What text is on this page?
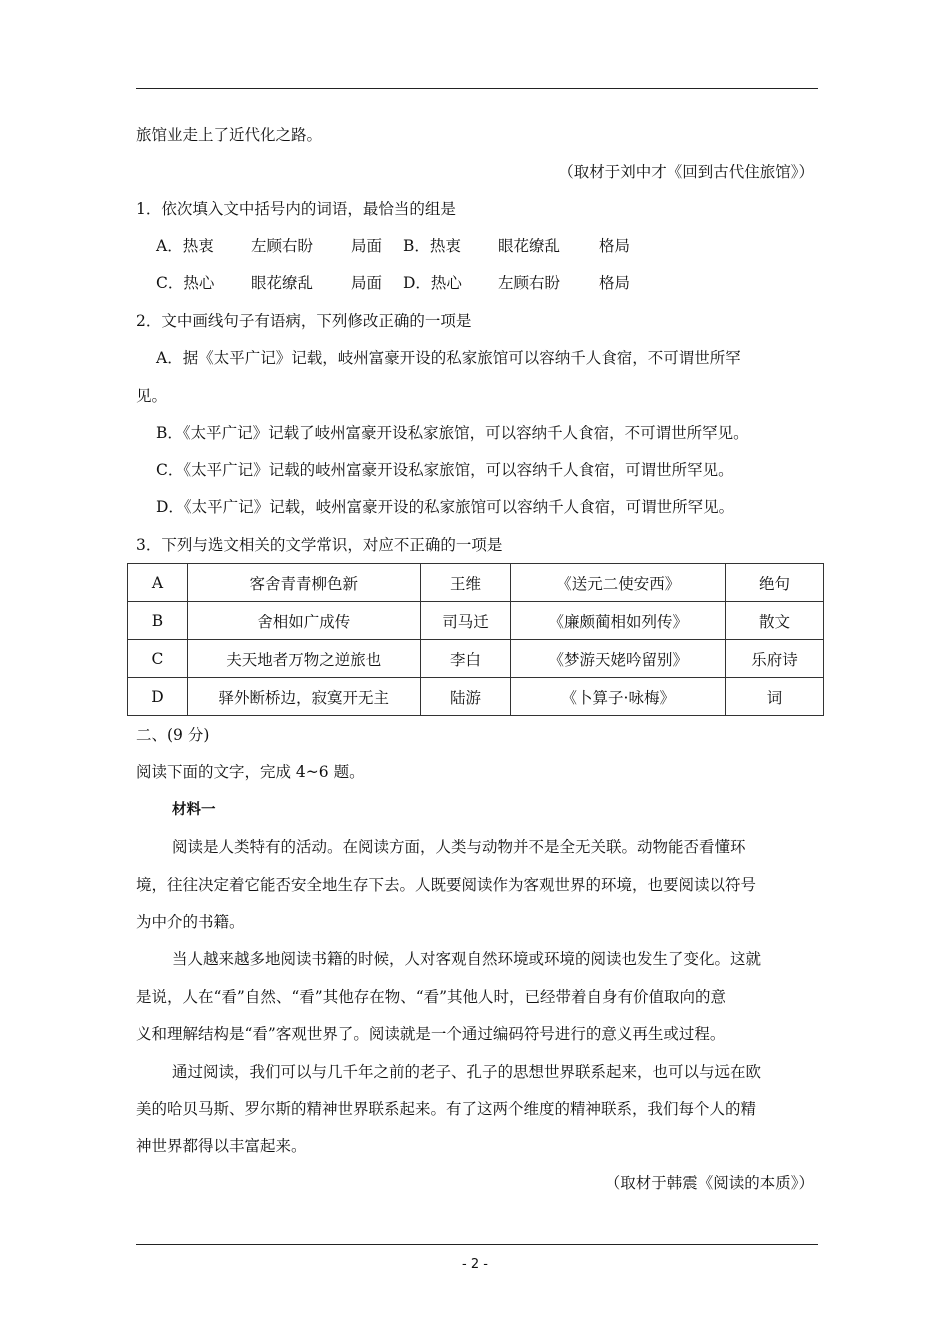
旅馆业走上了近代化之路。
（取材于刘中才《回到古代住旅馆》）
1．依次填入文中括号内的词语，最恰当的组是
A．热衷 左顾右盼 局面 B．热衷 眼花缭乱	格局
C．热心 眼花缭乱 局面 D．热心 左顾右盼	格局
2．文中画线句子有语病，下列修改正确的一项是
A．据《太平广记》记载，岐州富豪开设的私家旅馆可以容纳千人食宿，不可谓世所罕
见。
B．《太平广记》记载了岐州富豪开设私家旅馆，可以容纳千人食宿，不可谓世所罕见。
C．《太平广记》记载的岐州富豪开设私家旅馆，可以容纳千人食宿，可谓世所罕见。
D．《太平广记》记载，岐州富豪开设的私家旅馆可以容纳千人食宿，可谓世所罕见。
3．下列与选文相关的文学常识，对应不正确的一项是
A	客舍青青柳色新	王维	《送元二使安西》	绝句
B	舍相如广成传	司马迁	《廉颇蔺相如列传》	散文
C	夫天地者万物之逆旅也	李白	《梦游天姥吟留别》	乐府诗
D	驿外断桥边，寂寞开无主	陆游	《卜算子·咏梅》	词
二、(9 分)
阅读下面的文字，完成 4~6 题。
材料一
阅读是人类特有的活动。在阅读方面，人类与动物并不是全无关联。动物能否看懂环
境，往往决定着它能否安全地生存下去。人既要阅读作为客观世界的环境，也要阅读以符号
为中介的书籍。
当人越来越多地阅读书籍的时候，人对客观自然环境或环境的阅读也发生了变化。这就
是说，人在“看”自然、“看”其他存在物、“看”其他人时，已经带着自身有价值取向的意
义和理解结构是“看”客观世界了。阅读就是一个通过编码符号进行的意义再生或过程。
通过阅读，我们可以与几千年之前的老子、孔子的思想世界联系起来，也可以与远在欧
美的哈贝马斯、罗尔斯的精神世界联系起来。有了这两个维度的精神联系，我们每个人的精
神世界都得以丰富起来。
（取材于韩震《阅读的本质》）
- 2 -
